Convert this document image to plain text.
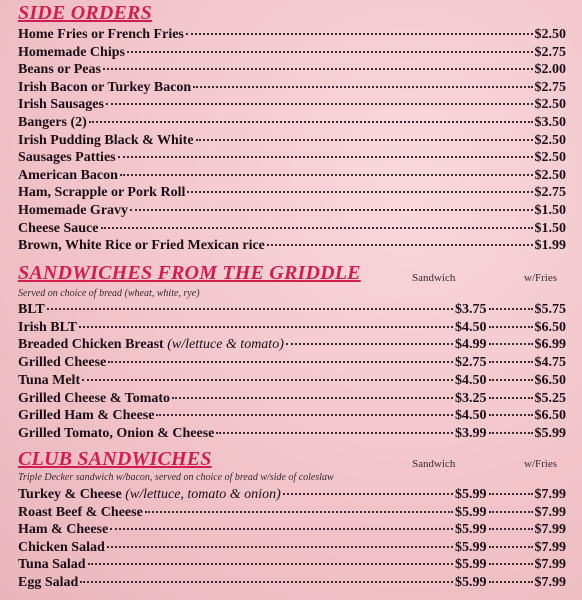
SIDE ORDERS
Home Fries or French Fries	$2.50
Homemade Chips	$2.75
Beans or Peas	$2.00
Irish Bacon or Turkey Bacon	$2.75
Irish Sausages	$2.50
Bangers (2)	$3.50
Irish Pudding Black & White	$2.50
Sausages Patties	$2.50
American Bacon	$2.50
Ham, Scrapple or Pork Roll	$2.75
Homemade Gravy	$1.50
Cheese Sauce	$1.50
Brown, White Rice or Fried Mexican rice	$1.99
SANDWICHES FROM THE GRIDDLE	Sandwich	w/Fries
Served on choice of bread (wheat, white, rye)
BLT	$3.75	$5.75
Irish BLT	$4.50	$6.50
Breaded Chicken Breast (w/lettuce & tomato)	$4.99	$6.99
Grilled Cheese	$2.75	$4.75
Tuna Melt	$4.50	$6.50
Grilled Cheese & Tomato	$3.25	$5.25
Grilled Ham & Cheese	$4.50	$6.50
Grilled Tomato, Onion & Cheese	$3.99	$5.99
CLUB SANDWICHES	Sandwich	w/Fries
Triple Decker sandwich w/bacon, served on choice of bread w/side of coleslaw
Turkey & Cheese (w/lettuce, tomato & onion)	$5.99	$7.99
Roast Beef & Cheese	$5.99	$7.99
Ham & Cheese	$5.99	$7.99
Chicken Salad	$5.99	$7.99
Tuna Salad	$5.99	$7.99
Egg Salad	$5.99	$7.99
